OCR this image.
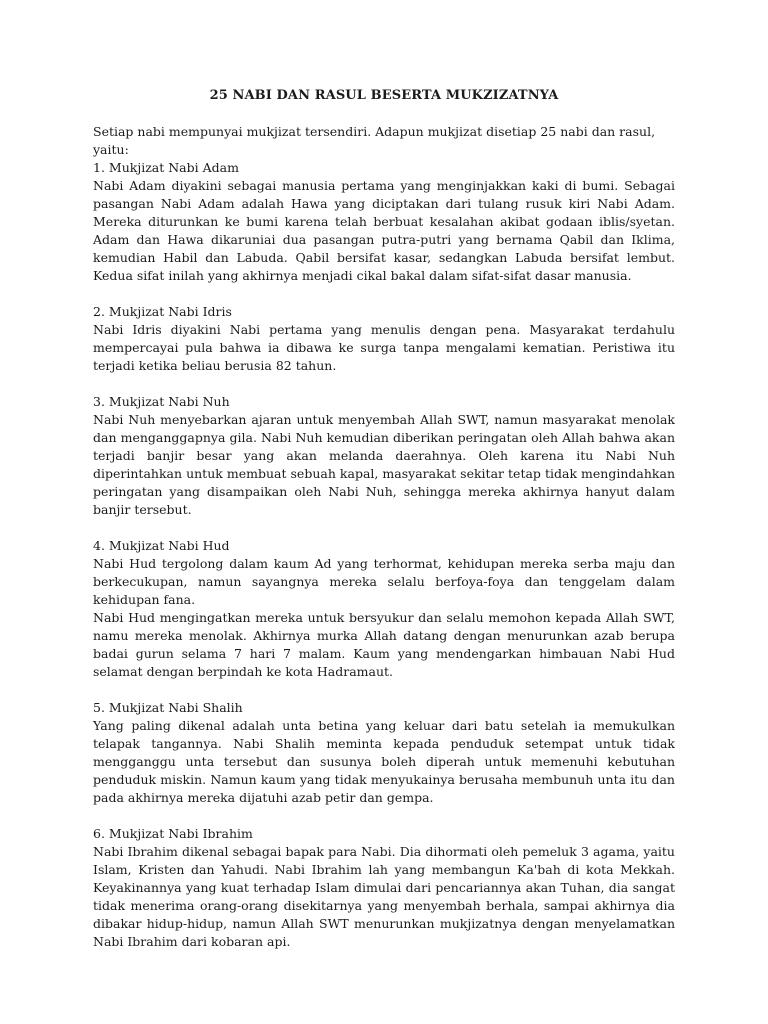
25 NABI DAN RASUL BESERTA MUKZIZATNYA

Setiap nabi mempunyai mukjizat tersendiri. Adapun mukjizat disetiap 25 nabi dan rasul, yaitu:

1. Mukjizat Nabi Adam

Nabi Adam diyakini sebagai manusia pertama yang menginjakkan kaki di bumi. Sebagai pasangan Nabi Adam adalah Hawa yang diciptakan dari tulang rusuk kiri Nabi Adam. Mereka diturunkan ke bumi karena telah berbuat kesalahan akibat godaan iblis/syetan. Adam dan Hawa dikaruniai dua pasangan putra-putri yang bernama Qabil dan Iklima, kemudian Habil dan Labuda. Qabil bersifat kasar, sedangkan Labuda bersifat lembut. Kedua sifat inilah yang akhirnya menjadi cikal bakal dalam sifat-sifat dasar manusia.

2. Mukjizat Nabi Idris

Nabi Idris diyakini Nabi pertama yang menulis dengan pena. Masyarakat terdahulu mempercayai pula bahwa ia dibawa ke surga tanpa mengalami kematian. Peristiwa itu terjadi ketika beliau berusia 82 tahun.

3. Mukjizat Nabi Nuh

Nabi Nuh menyebarkan ajaran untuk menyembah Allah SWT, namun masyarakat menolak dan menganggapnya gila. Nabi Nuh kemudian diberikan peringatan oleh Allah bahwa akan terjadi banjir besar yang akan melanda daerahnya. Oleh karena itu Nabi Nuh diperintahkan untuk membuat sebuah kapal, masyarakat sekitar tetap tidak mengindahkan peringatan yang disampaikan oleh Nabi Nuh, sehingga mereka akhirnya hanyut dalam banjir tersebut.

4. Mukjizat Nabi Hud

Nabi Hud tergolong dalam kaum Ad yang terhormat, kehidupan mereka serba maju dan berkecukupan, namun sayangnya mereka selalu berfoya-foya dan tenggelam dalam kehidupan fana.

Nabi Hud mengingatkan mereka untuk bersyukur dan selalu memohon kepada Allah SWT, namu mereka menolak. Akhirnya murka Allah datang dengan menurunkan azab berupa badai gurun selama 7 hari 7 malam. Kaum yang mendengarkan himbauan Nabi Hud selamat dengan berpindah ke kota Hadramaut.

5. Mukjizat Nabi Shalih

Yang paling dikenal adalah unta betina yang keluar dari batu setelah ia memukulkan telapak tangannya. Nabi Shalih meminta kepada penduduk setempat untuk tidak mengganggu unta tersebut dan susunya boleh diperah untuk memenuhi kebutuhan penduduk miskin. Namun kaum yang tidak menyukainya berusaha membunuh unta itu dan pada akhirnya mereka dijatuhi azab petir dan gempa.

6. Mukjizat Nabi Ibrahim

Nabi Ibrahim dikenal sebagai bapak para Nabi. Dia dihormati oleh pemeluk 3 agama, yaitu Islam, Kristen dan Yahudi. Nabi Ibrahim lah yang membangun Ka'bah di kota Mekkah. Keyakinannya yang kuat terhadap Islam dimulai dari pencariannya akan Tuhan, dia sangat tidak menerima orang-orang disekitarnya yang menyembah berhala, sampai akhirnya dia dibakar hidup-hidup, namun Allah SWT menurunkan mukjizatnya dengan menyelamatkan Nabi Ibrahim dari kobaran api.
